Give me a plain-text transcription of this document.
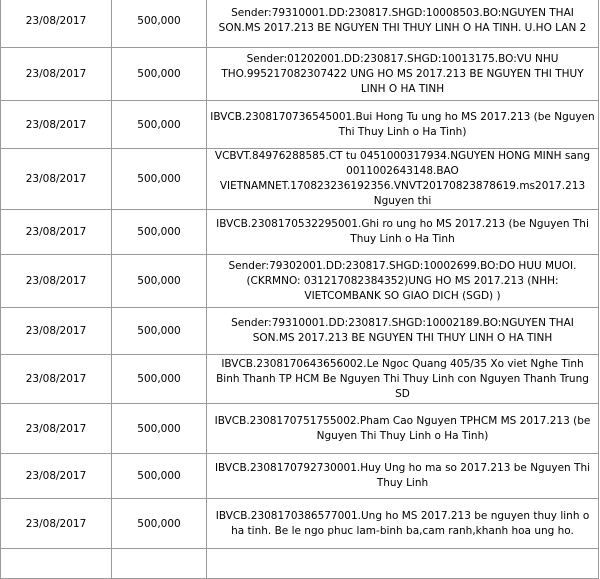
23/08/2017	500,000	Sender:79310001.DD:230817.SHGD:10008503.BO:NGUYEN THAI SON.MS 2017.213 BE NGUYEN THI THUY LINH O HA TINH. U.HO LAN 2
23/08/2017	500,000	Sender:01202001.DD:230817.SHGD:10013175.BO:VU NHU THO.995217082307422 UNG HO MS 2017.213 BE NGUYEN THI THUY LINH O HA TINH
23/08/2017	500,000	IBVCB.2308170736545001.Bui Hong Tu ung ho MS 2017.213 (be Nguyen Thi Thuy Linh o Ha Tinh)
23/08/2017	500,000	VCBVT.84976288585.CT tu 0451000317934.NGUYEN HONG MINH sang 0011002643148.BAO VIETNAMNET.170823236192356.VNVT20170823878619.ms2017.213 Nguyen thi
23/08/2017	500,000	IBVCB.2308170532295001.Ghi ro ung ho MS 2017.213 (be Nguyen Thi Thuy Linh o Ha Tinh
23/08/2017	500,000	Sender:79302001.DD:230817.SHGD:10002699.BO:DO HUU MUOI.(CKRMNO: 031217082384352)UNG HO MS 2017.213 (NHH: VIETCOMBANK SO GIAO DICH (SGD) )
23/08/2017	500,000	Sender:79310001.DD:230817.SHGD:10002189.BO:NGUYEN THAI SON.MS 2017.213 BE NGUYEN THI THUY LINH O HA TINH
23/08/2017	500,000	IBVCB.2308170643656002.Le Ngoc Quang 405/35 Xo viet Nghe Tinh Binh Thanh TP HCM Be Nguyen Thi Thuy Linh con Nguyen Thanh Trung SD
23/08/2017	500,000	IBVCB.2308170751755002.Pham Cao Nguyen TPHCM MS 2017.213 (be Nguyen Thi Thuy Linh o Ha Tinh)
23/08/2017	500,000	IBVCB.2308170792730001.Huy Ung ho ma so 2017.213 be Nguyen Thi Thuy Linh
23/08/2017	500,000	IBVCB.2308170386577001.Ung ho MS 2017.213 be nguyen thuy linh o ha tinh. Be le ngo phuc lam-binh ba,cam ranh,khanh hoa ung ho.
